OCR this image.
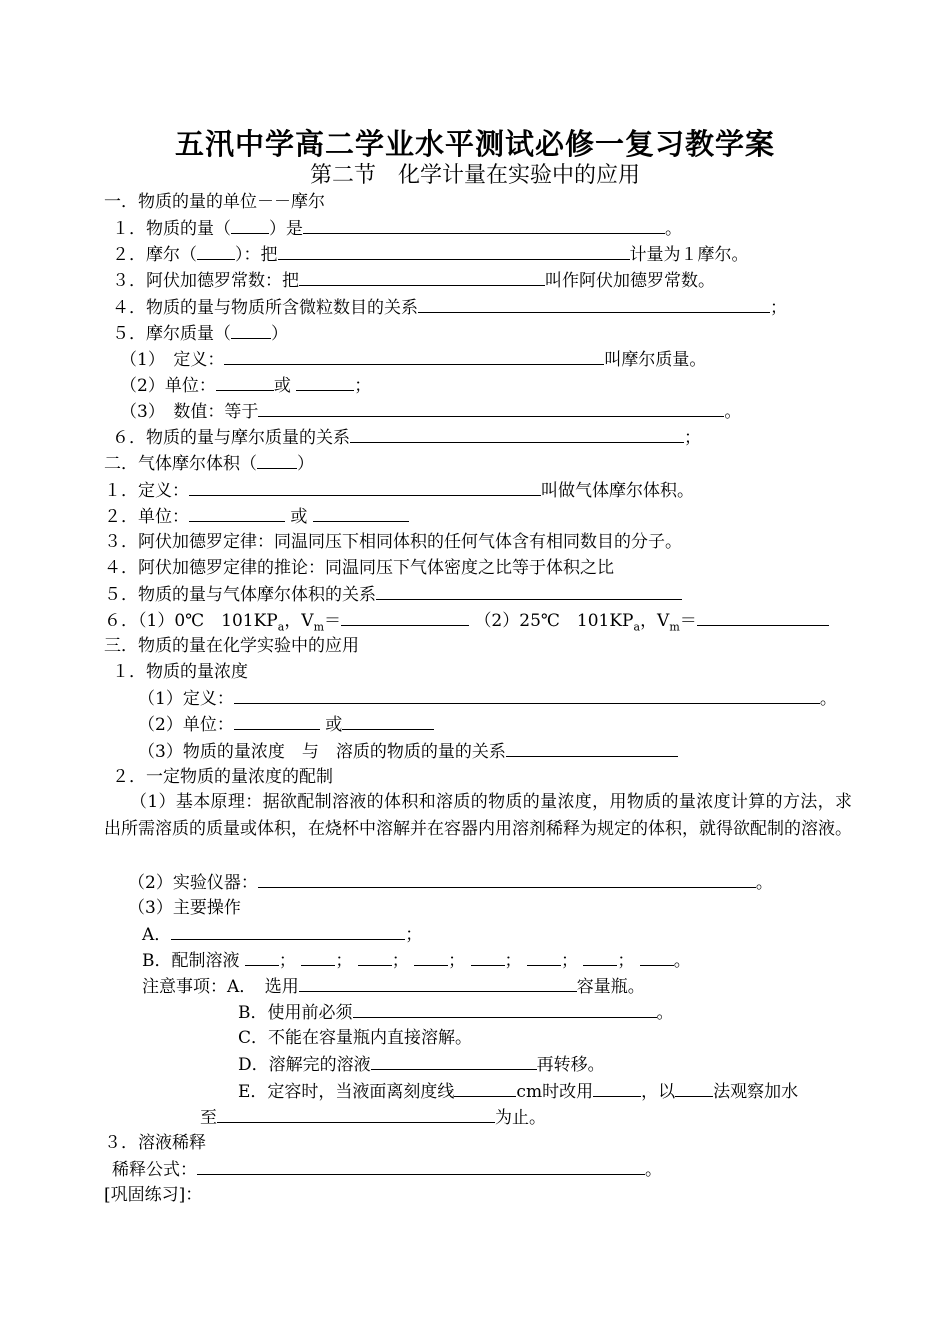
五汛中学高二学业水平测试必修一复习教学案
第二节　化学计量在实验中的应用
一．物质的量的单位－－摩尔
１．物质的量（ ）是	。
２．摩尔（ ）：把	计量为１摩尔。
３．阿伏加德罗常数：把	叫作阿伏加德罗常数。
４．物质的量与物质所含微粒数目的关系	；
５．摩尔质量（ ）
（1）　定义：	叫摩尔质量。
（2）单位：	或	；
（3）　数值：等于	。
６．物质的量与摩尔质量的关系	；
二．气体摩尔体积（ ）
１．定义：	叫做气体摩尔体积。
２．单位：	或
３．阿伏加德罗定律：同温同压下相同体积的任何气体含有相同数目的分子。
４．阿伏加德罗定律的推论：同温同压下气体密度之比等于体积之比
５．物质的量与气体摩尔体积的关系
６．（1）0℃　$101KP_a$，$V_m=$	（2）25℃　$101KP_a$，$V_m=$
三．物质的量在化学实验中的应用
１．物质的量浓度
（1）定义：	。
（2）单位：	或
（3）物质的量浓度　与　溶质的物质的量的关系
２．一定物质的量浓度的配制
（1）基本原理：据欲配制溶液的体积和溶质的物质的量浓度，用物质的量浓度计算的方法，求出所需溶质的质量或体积，在烧杯中溶解并在容器内用溶剂稀释为规定的体积，就得欲配制的溶液。
（2）实验仪器：	。
（3）主要操作
A．	；
B．配制溶液 ； ； ； ； ； ； ； 。
注意事项：A．　选用	容量瓶。
B．使用前必须	。
C．不能在容量瓶内直接溶解。
D．溶解完的溶液	再转移。
E．定容时，当液面离刻度线	cm时改用	，以 法观察加水
至	为止。
３．溶液稀释
稀释公式：	。
[巩固练习]：
